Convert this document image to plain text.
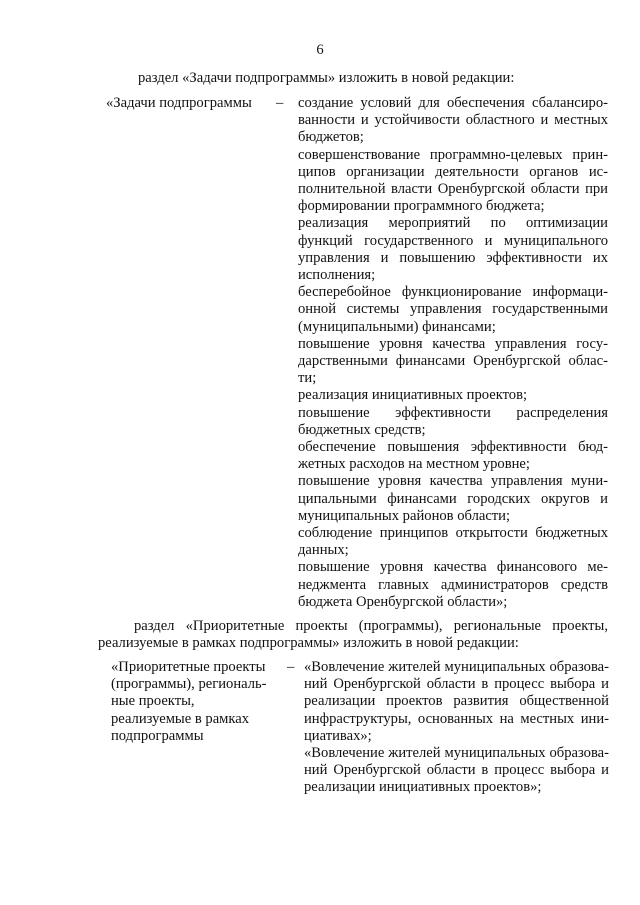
6
раздел «Задачи подпрограммы» изложить в новой редакции:
«Задачи подпрограммы – создание условий для обеспечения сбалансиро-ванности и устойчивости областного и местных бюджетов;
совершенствование программно-целевых прин-ципов организации деятельности органов ис-полнительной власти Оренбургской области при формировании программного бюджета;
реализация мероприятий по оптимизации функций государственного и муниципального управления и повышению эффективности их исполнения;
бесперебойное функционирование информаци-онной системы управления государственными (муниципальными) финансами;
повышение уровня качества управления госу-дарственными финансами Оренбургской облас-ти;
реализация инициативных проектов;
повышение эффективности распределения бюджетных средств;
обеспечение повышения эффективности бюд-жетных расходов на местном уровне;
повышение уровня качества управления муни-ципальными финансами городских округов и муниципальных районов области;
соблюдение принципов открытости бюджетных данных;
повышение уровня качества финансового ме-неджмента главных администраторов средств бюджета Оренбургской области»;
раздел «Приоритетные проекты (программы), региональные проекты, реализуемые в рамках подпрограммы» изложить в новой редакции:
«Приоритетные проекты (программы), региональ-ные проекты, реализуемые в рамках подпрограммы
– «Вовлечение жителей муниципальных образова-ний Оренбургской области в процесс выбора и реализации проектов развития общественной инфраструктуры, основанных на местных ини-циативах»;
«Вовлечение жителей муниципальных образова-ний Оренбургской области в процесс выбора и реализации инициативных проектов»;
